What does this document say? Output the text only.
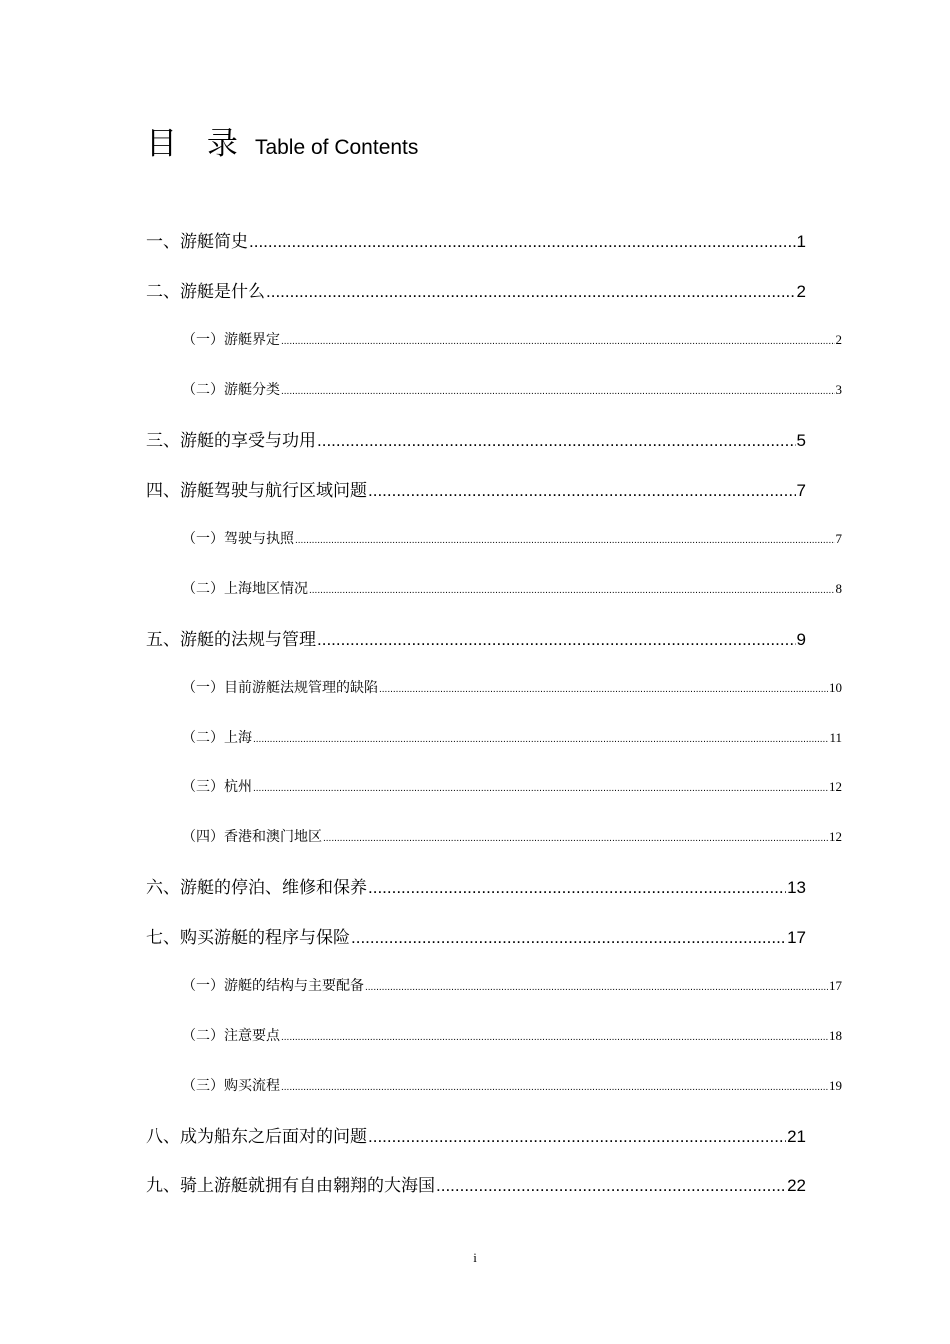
目 录 Table of Contents
一、游艇简史 .....	1
二、游艇是什么 .....	2
（一）游艇界定 .....	2
（二）游艇分类 .....	3
三、游艇的享受与功用 .....	5
四、游艇驾驶与航行区域问题 .....	7
（一）驾驶与执照 .....	7
（二）上海地区情况 .....	8
五、游艇的法规与管理 .....	9
（一）目前游艇法规管理的缺陷 .....	10
（二）上海 .....	11
（三）杭州 .....	12
（四）香港和澳门地区 .....	12
六、游艇的停泊、维修和保养 .....	13
七、购买游艇的程序与保险 .....	17
（一）游艇的结构与主要配备 .....	17
（二）注意要点 .....	18
（三）购买流程 .....	19
八、成为船东之后面对的问题 .....	21
九、骑上游艇就拥有自由翱翔的大海国 .....	22
i
